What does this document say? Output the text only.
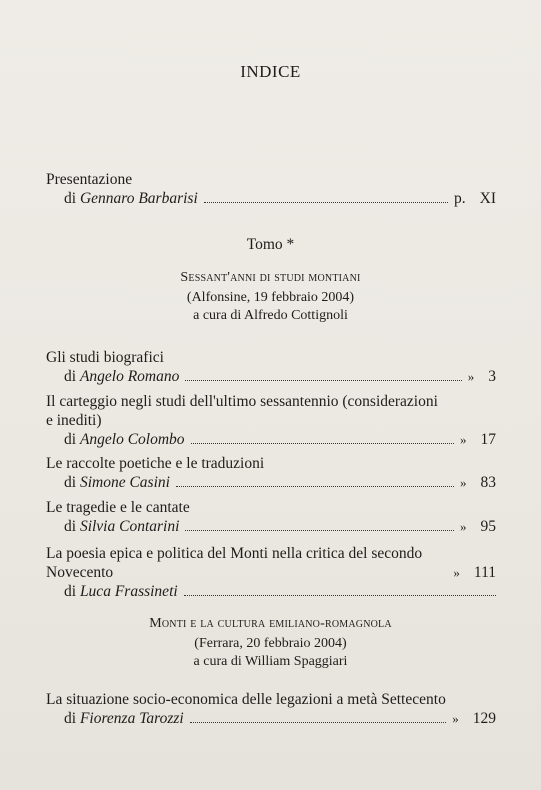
INDICE
Presentazione
di Gennaro Barbarisi	p. XI
Tomo *
Sessant'anni di studi montiani
(Alfonsine, 19 febbraio 2004)
a cura di Alfredo Cottignoli
Gli studi biografici
di Angelo Romano	» 3
Il carteggio negli studi dell'ultimo sessantennio (considerazioni
e inediti)
di Angelo Colombo	» 17
Le raccolte poetiche e le traduzioni
di Simone Casini	» 83
Le tragedie e le cantate
di Silvia Contarini	» 95
La poesia epica e politica del Monti nella critica del secondo
Novecento	» 111
di Luca Frassineti
Monti e la cultura emiliano-romagnola
(Ferrara, 20 febbraio 2004)
a cura di William Spaggiari
La situazione socio-economica delle legazioni a metà Settecento
di Fiorenza Tarozzi	» 129
